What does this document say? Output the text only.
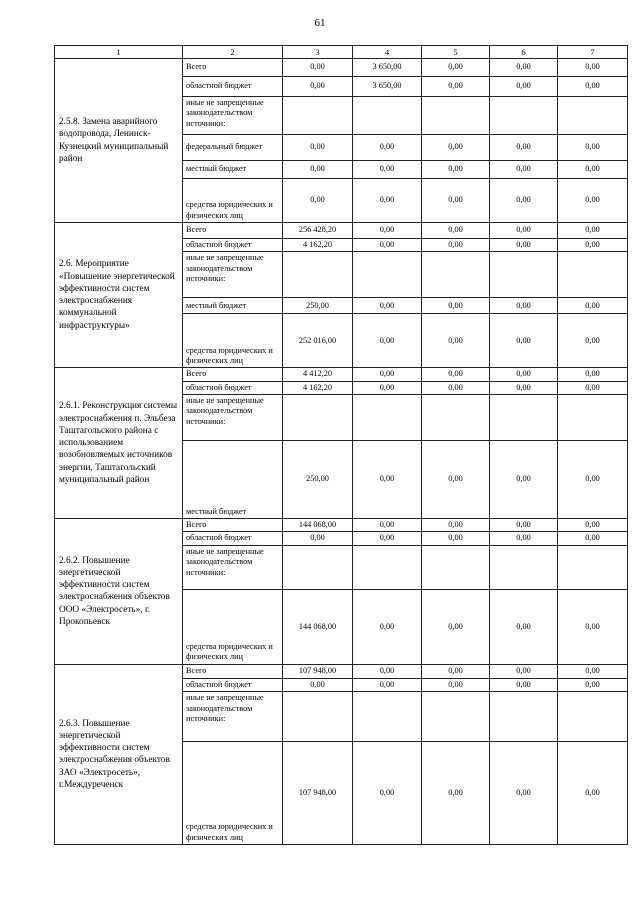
61
1	2	3	4	5	6	7
2.5.8. Замена аварийного водопровода, Ленинск-Кузнецкий муниципальный район	Всего	0,00	3 650,00	0,00	0,00	0,00
	областной бюджет	0,00	3 650,00	0,00	0,00	0,00
	иные не запрещенные законодательством источники:					
	федеральный бюджет	0,00	0,00	0,00	0,00	0,00
	местный бюджет	0,00	0,00	0,00	0,00	0,00
	средства юридических и физических лиц	0,00	0,00	0,00	0,00	0,00
2.6. Мероприятие «Повышение энергетической эффективности систем электроснабжения коммунальной инфраструктуры»	Всего	256 428,20	0,00	0,00	0,00	0,00
	областной бюджет	4 162,20	0,00	0,00	0,00	0,00
	иные не запрещенные законодательством источники:					
	местный бюджет	250,00	0,00	0,00	0,00	0,00
	средства юридических и физических лиц	252 016,00	0,00	0,00	0,00	0,00
2.6.1. Реконструкция системы электроснабжения п. Эльбеза Таштагольского района с использованием возобновляемых источников энергии, Таштагольский муниципальный район	Всего	4 412,20	0,00	0,00	0,00	0,00
	областной бюджет	4 162,20	0,00	0,00	0,00	0,00
	иные не запрещенные законодательством источники:					
	местный бюджет	250,00	0,00	0,00	0,00	0,00
2.6.2. Повышение энергетической эффективности систем электроснабжения объектов ООО «Электросеть», г. Прокопьевск	Всего	144 068,00	0,00	0,00	0,00	0,00
	областной бюджет	0,00	0,00	0,00	0,00	0,00
	иные не запрещенные законодательством источники:					
	средства юридических и физических лиц	144 068,00	0,00	0,00	0,00	0,00
2.6.3. Повышение энергетической эффективности систем электроснабжения объектов ЗАО «Электросеть», г.Междуреченск	Всего	107 948,00	0,00	0,00	0,00	0,00
	областной бюджет	0,00	0,00	0,00	0,00	0,00
	иные не запрещенные законодательством источники:					
	средства юридических и физических лиц	107 948,00	0,00	0,00	0,00	0,00
